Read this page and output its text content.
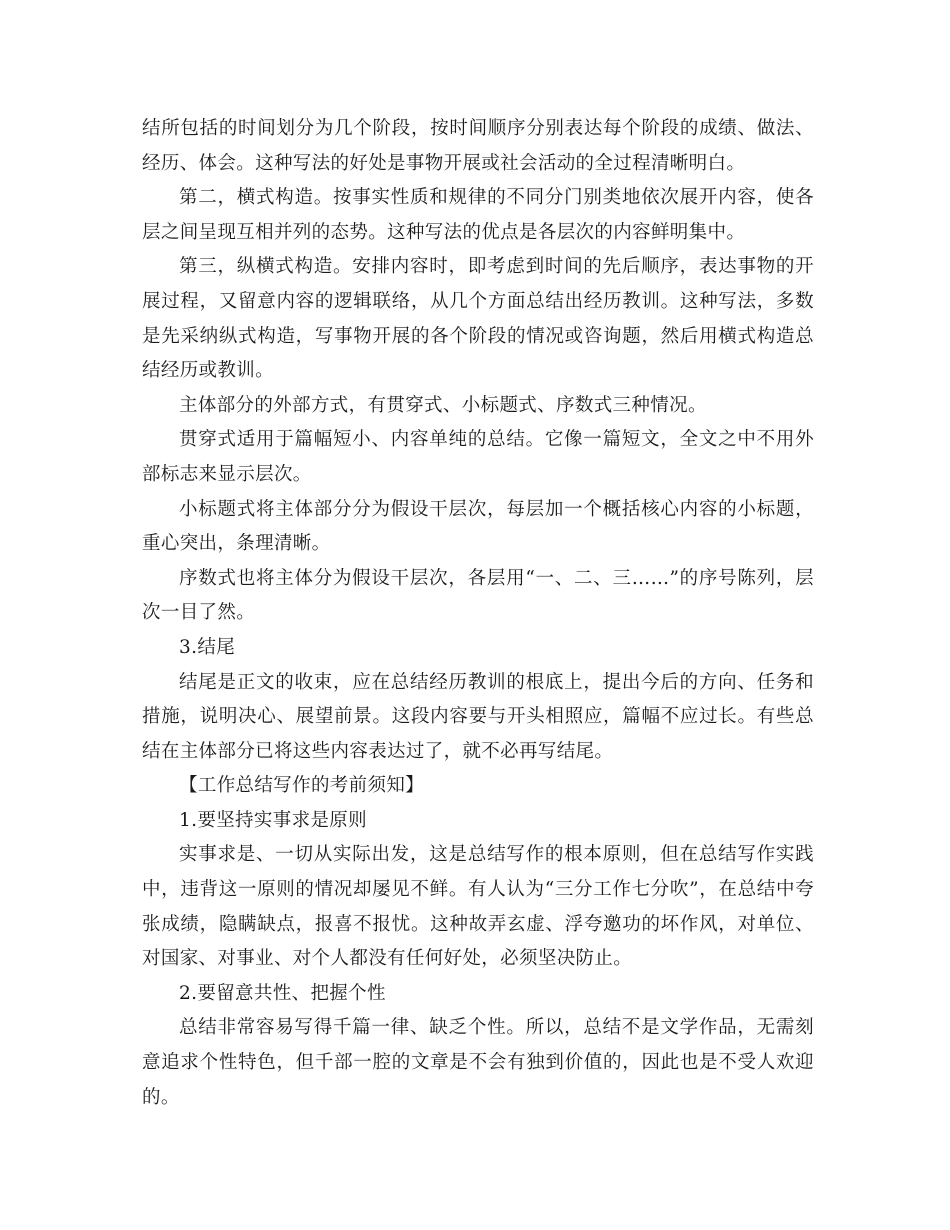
结所包括的时间划分为几个阶段，按时间顺序分别表达每个阶段的成绩、做法、经历、体会。这种写法的好处是事物开展或社会活动的全过程清晰明白。

第二，横式构造。按事实性质和规律的不同分门别类地依次展开内容，使各层之间呈现互相并列的态势。这种写法的优点是各层次的内容鲜明集中。

第三，纵横式构造。安排内容时，即考虑到时间的先后顺序，表达事物的开展过程，又留意内容的逻辑联络，从几个方面总结出经历教训。这种写法，多数是先采纳纵式构造，写事物开展的各个阶段的情况或咨询题，然后用横式构造总结经历或教训。

主体部分的外部方式，有贯穿式、小标题式、序数式三种情况。

贯穿式适用于篇幅短小、内容单纯的总结。它像一篇短文，全文之中不用外部标志来显示层次。

小标题式将主体部分分为假设干层次，每层加一个概括核心内容的小标题，重心突出，条理清晰。

序数式也将主体分为假设干层次，各层用“一、二、三……”的序号陈列，层次一目了然。

3.结尾

结尾是正文的收束，应在总结经历教训的根底上，提出今后的方向、任务和措施，说明决心、展望前景。这段内容要与开头相照应，篇幅不应过长。有些总结在主体部分已将这些内容表达过了，就不必再写结尾。

【工作总结写作的考前须知】

1.要坚持实事求是原则

实事求是、一切从实际出发，这是总结写作的根本原则，但在总结写作实践中，违背这一原则的情况却屡见不鲜。有人认为“三分工作七分吹”，在总结中夸张成绩，隐瞒缺点，报喜不报忧。这种故弄玄虚、浮夸邀功的坏作风，对单位、对国家、对事业、对个人都没有任何好处，必须坚决防止。

2.要留意共性、把握个性

总结非常容易写得千篇一律、缺乏个性。所以，总结不是文学作品，无需刻意追求个性特色，但千部一腔的文章是不会有独到价值的，因此也是不受人欢迎的。
